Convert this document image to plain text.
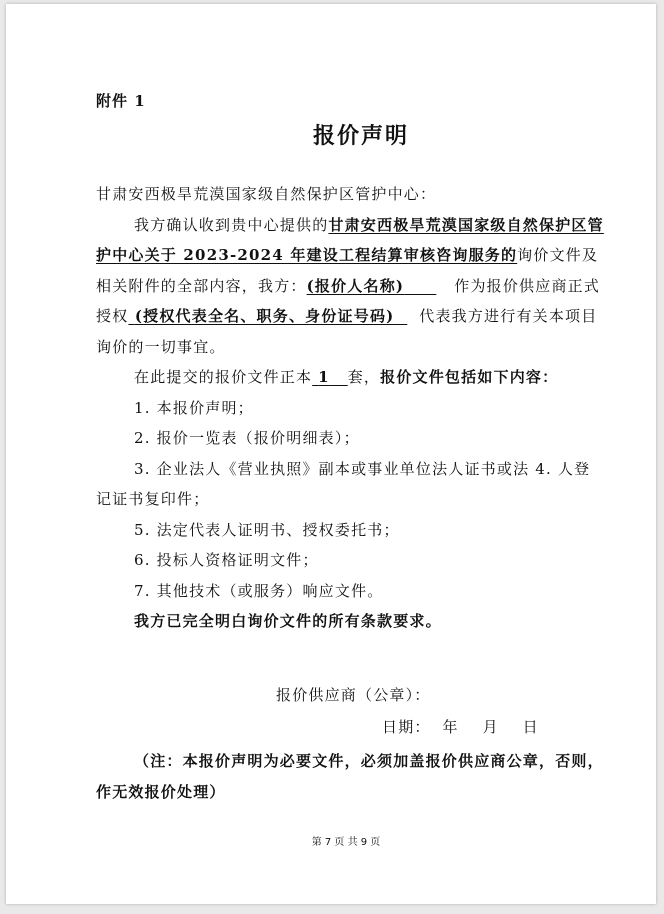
附件 1
报价声明

甘肃安西极旱荒漠国家级自然保护区管护中心：

我方确认收到贵中心提供的甘肃安西极旱荒漠国家级自然保护区管护中心关于 2023-2024 年建设工程结算审核咨询服务的询价文件及相关附件的全部内容，我方：(报价人名称)	作为报价供应商正式授权 (授权代表全名、职务、身份证号码) 代表我方进行有关本项目询价的一切事宜。

在此提交的报价文件正本 1 套，报价文件包括如下内容：

1. 本报价声明；

2. 报价一览表（报价明细表）；

3. 企业法人《营业执照》副本或事业单位法人证书或法 4. 人登记证书复印件；

5. 法定代表人证明书、授权委托书；

6. 投标人资格证明文件；

7. 其他技术（或服务）响应文件。

我方已完全明白询价文件的所有条款要求。

报价供应商（公章）：
日期：  年    月    日
（注：本报价声明为必要文件，必须加盖报价供应商公章，否则，作无效报价处理）
第 7 页 共 9 页
